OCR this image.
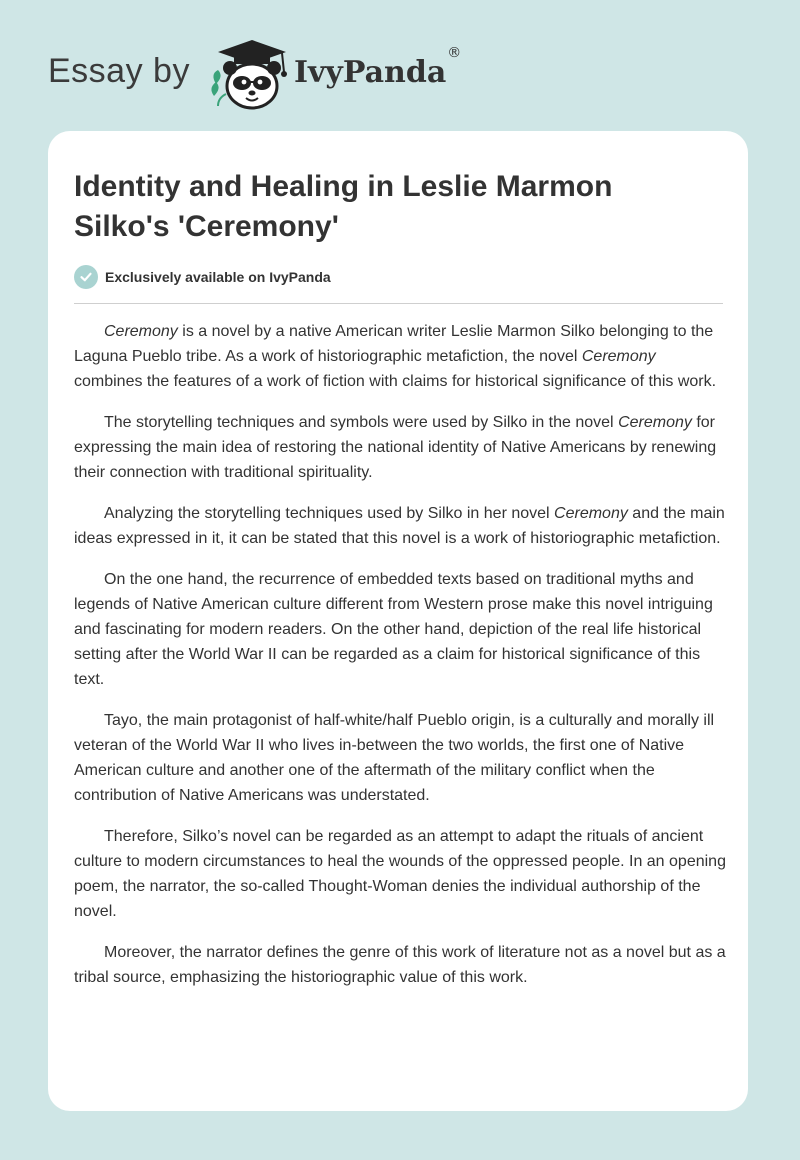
Essay by	IvyPanda®
Identity and Healing in Leslie Marmon Silko's 'Ceremony'
Exclusively available on IvyPanda

Ceremony is a novel by a native American writer Leslie Marmon Silko belonging to the Laguna Pueblo tribe. As a work of historiographic metafiction, the novel Ceremony combines the features of a work of fiction with claims for historical significance of this work.

The storytelling techniques and symbols were used by Silko in the novel Ceremony for expressing the main idea of restoring the national identity of Native Americans by renewing their connection with traditional spirituality.

Analyzing the storytelling techniques used by Silko in her novel Ceremony and the main ideas expressed in it, it can be stated that this novel is a work of historiographic metafiction.

On the one hand, the recurrence of embedded texts based on traditional myths and legends of Native American culture different from Western prose make this novel intriguing and fascinating for modern readers. On the other hand, depiction of the real life historical setting after the World War II can be regarded as a claim for historical significance of this text.

Tayo, the main protagonist of half-white/half Pueblo origin, is a culturally and morally ill veteran of the World War II who lives in-between the two worlds, the first one of Native American culture and another one of the aftermath of the military conflict when the contribution of Native Americans was understated.

Therefore, Silko’s novel can be regarded as an attempt to adapt the rituals of ancient culture to modern circumstances to heal the wounds of the oppressed people. In an opening poem, the narrator, the so-called Thought-Woman denies the individual authorship of the novel.

Moreover, the narrator defines the genre of this work of literature not as a novel but as a tribal source, emphasizing the historiographic value of this work.
